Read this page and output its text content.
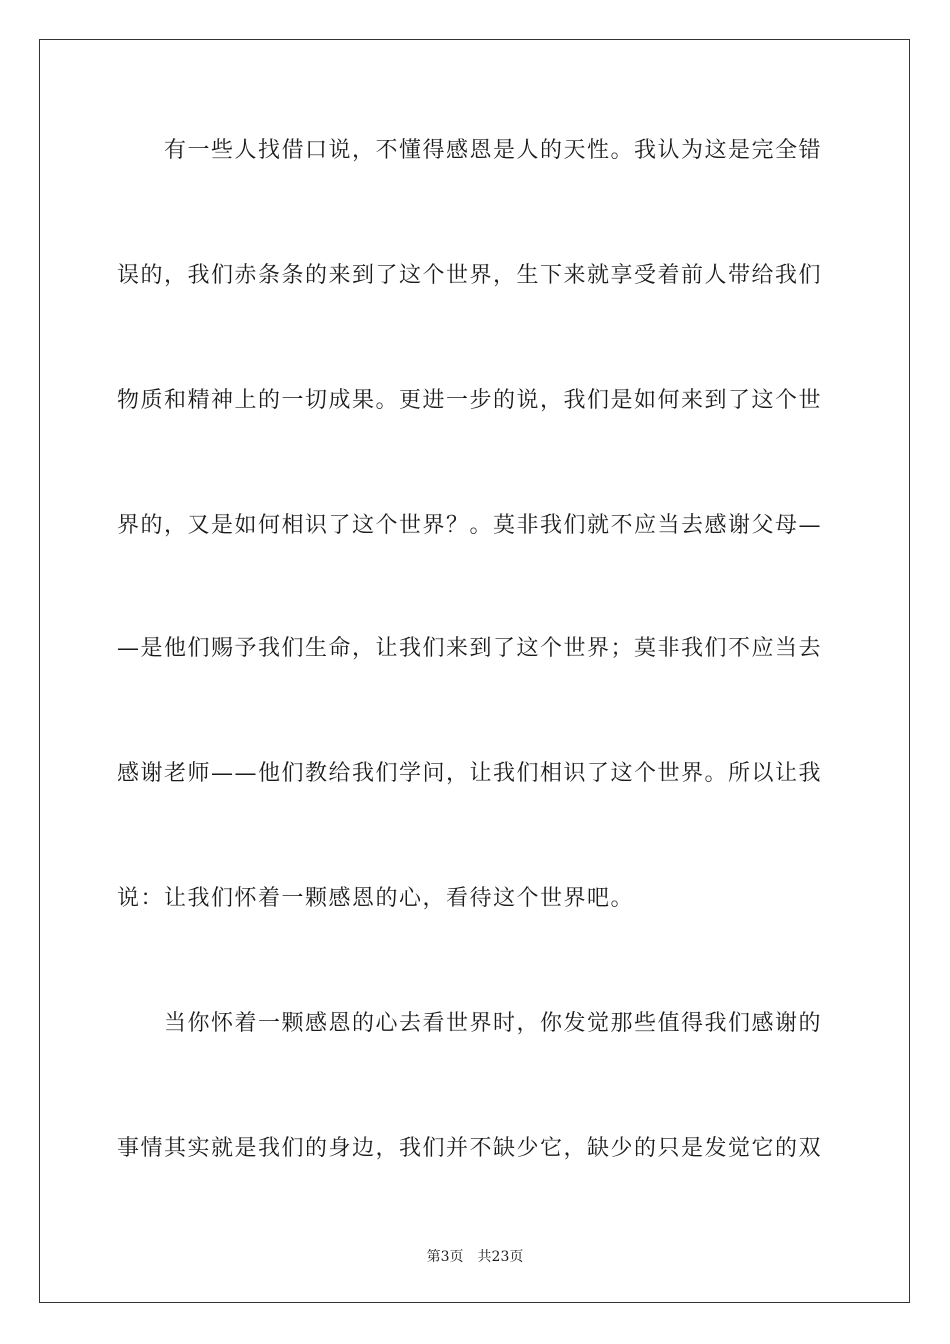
　　有一些人找借口说，不懂得感恩是人的天性。我认为这是完全错
误的，我们赤条条的来到了这个世界，生下来就享受着前人带给我们
物质和精神上的一切成果。更进一步的说，我们是如何来到了这个世
界的，又是如何相识了这个世界？。莫非我们就不应当去感谢父母—
—是他们赐予我们生命，让我们来到了这个世界；莫非我们不应当去
感谢老师——他们教给我们学问，让我们相识了这个世界。所以让我
说：让我们怀着一颗感恩的心，看待这个世界吧。
　　当你怀着一颗感恩的心去看世界时，你发觉那些值得我们感谢的
事情其实就是我们的身边，我们并不缺少它，缺少的只是发觉它的双
第3页 共23页
